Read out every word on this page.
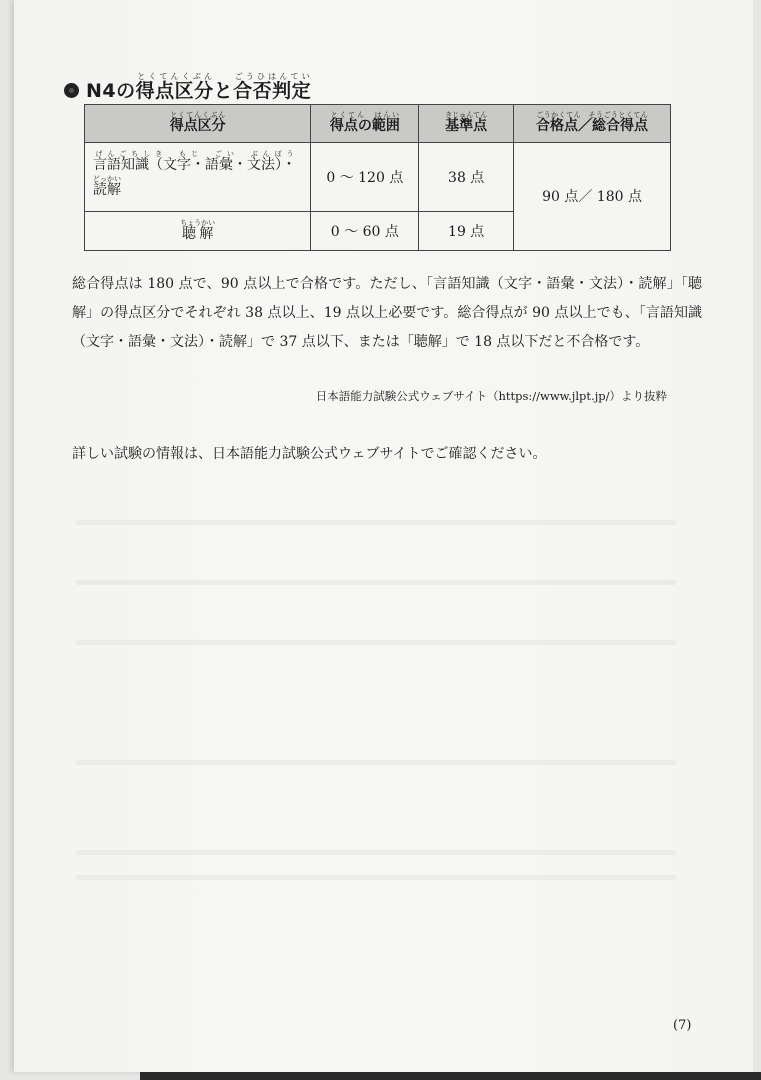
N4の得点区分とくてんくぶんと合否判定ごうひはんてい
得点区分とくてんくぶん	得点の範囲とくてん　はんい	基準点きじゅんてん	合格点／総合得点ごうかくてん　そうごうとくてん
言語知識（文字・語彙・文法）・げんごちしき　もじ　ごい　ぶんぽう
読解どっかい	0 ～ 120 点	38 点	90 点／ 180 点
聴解ちょうかい	0 ～ 60 点	19 点	

総合得点は 180 点で、90 点以上で合格です。ただし、「言語知識（文字・語彙・文法）・読解」「聴解」の得点区分でそれぞれ 38 点以上、19 点以上必要です。総合得点が 90 点以上でも、「言語知識（文字・語彙・文法）・読解」で 37 点以下、または「聴解」で 18 点以下だと不合格です。

日本語能力試験公式ウェブサイト（https://www.jlpt.jp/）より抜粋

詳しい試験の情報は、日本語能力試験公式ウェブサイトでご確認ください。

(7)
